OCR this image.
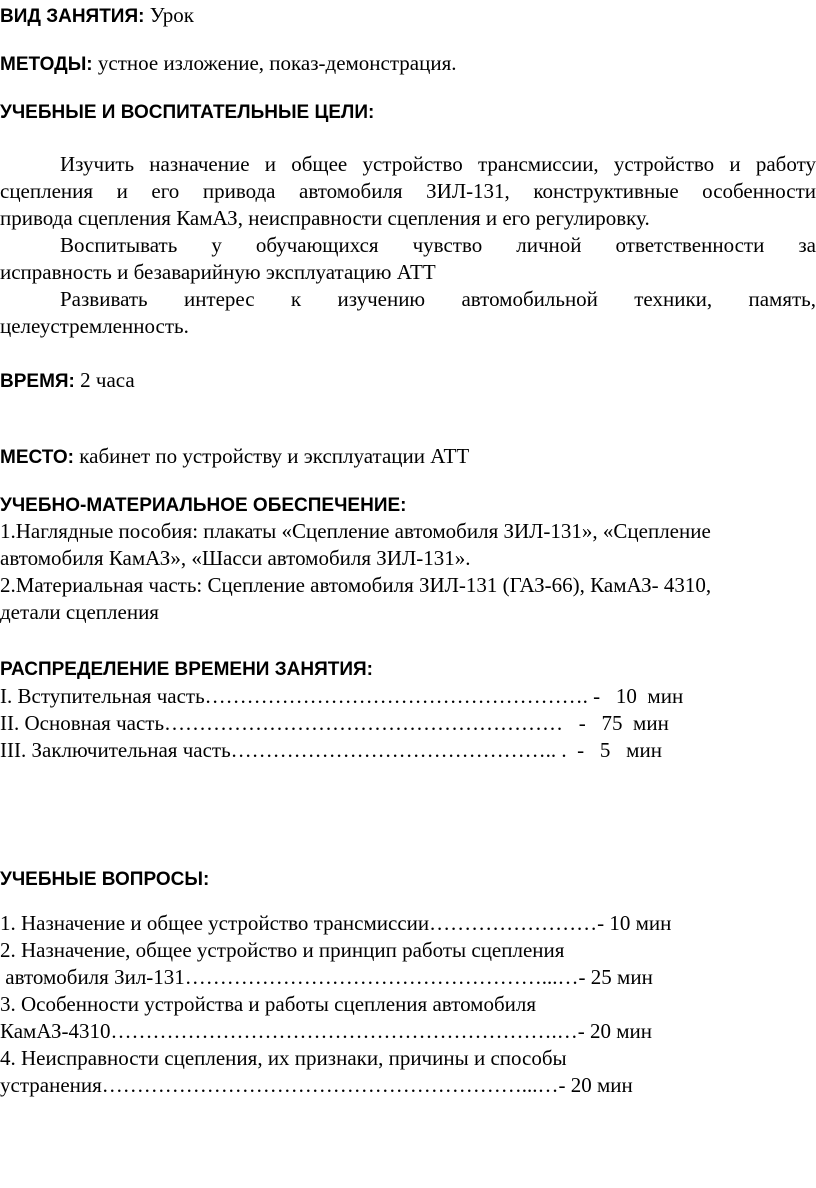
ВИД ЗАНЯТИЯ: Урок
МЕТОДЫ: устное изложение, показ-демонстрация.
УЧЕБНЫЕ И ВОСПИТАТЕЛЬНЫЕ ЦЕЛИ:
Изучить назначение и общее устройство трансмиссии, устройство и работу
сцепления и его привода автомобиля ЗИЛ-131, конструктивные особенности
привода сцепления КамАЗ, неисправности сцепления и его регулировку.
Воспитывать у обучающихся чувство личной ответственности за
исправность и безаварийную эксплуатацию АТТ
Развивать интерес к изучению автомобильной техники, память,
целеустремленность.
ВРЕМЯ: 2 часа
МЕСТО: кабинет по устройству и эксплуатации АТТ
УЧЕБНО-МАТЕРИАЛЬНОЕ ОБЕСПЕЧЕНИЕ:
1.Наглядные пособия: плакаты «Сцепление автомобиля ЗИЛ-131», «Сцепление
автомобиля КамАЗ», «Шасси автомобиля ЗИЛ-131».
2.Материальная часть: Сцепление автомобиля ЗИЛ-131 (ГАЗ-66), КамАЗ- 4310,
детали сцепления
РАСПРЕДЕЛЕНИЕ ВРЕМЕНИ ЗАНЯТИЯ:
I. Вступительная часть………………………………………………. -   10  мин
II. Основная часть…………………………………………………   -   75  мин
III. Заключительная часть……………………………………….. .  -   5   мин
УЧЕБНЫЕ ВОПРОСЫ:
1. Назначение и общее устройство трансмиссии……………………- 10 мин
2. Назначение, общее устройство и принцип работы сцепления
автомобиля Зил-131……………………………………………...…- 25 мин
3. Особенности устройства и работы сцепления автомобиля
КамАЗ-4310……………………………………………………….…- 20 мин
4. Неисправности сцепления, их признаки, причины и способы
устранения……………………………………………………...…- 20 мин
